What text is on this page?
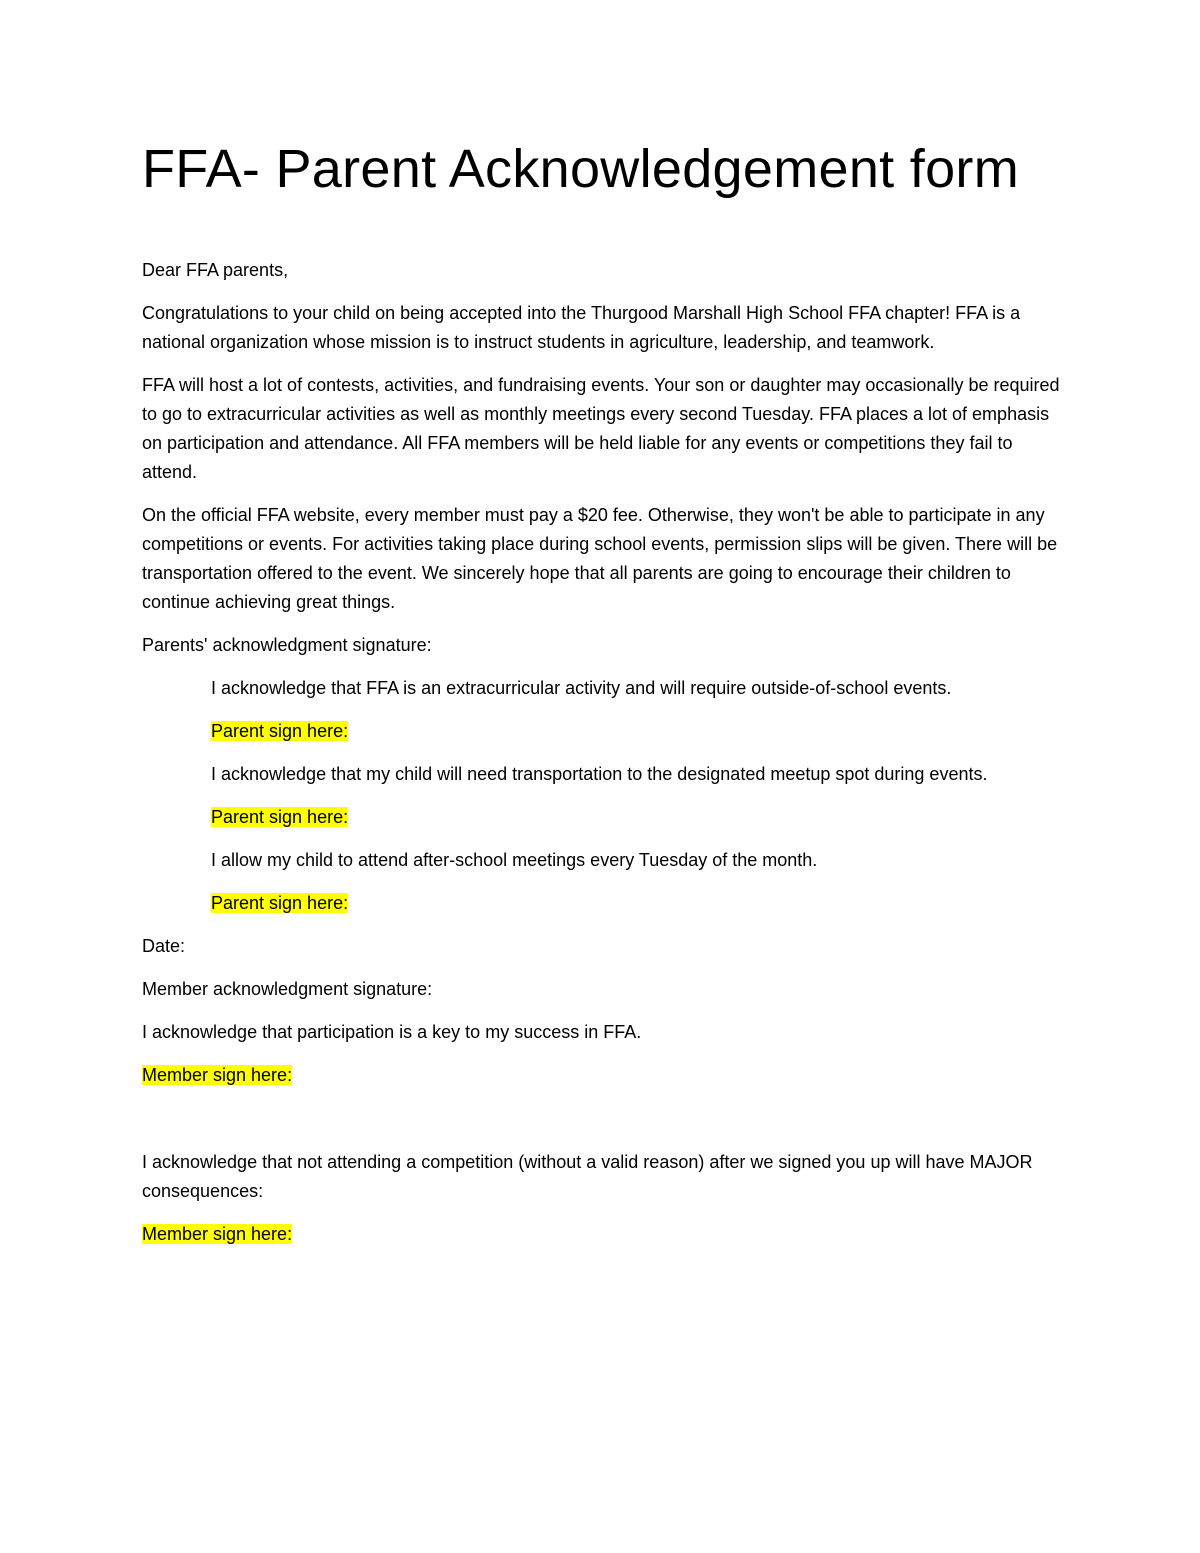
FFA- Parent Acknowledgement form

Dear FFA parents,

Congratulations to your child on being accepted into the Thurgood Marshall High School FFA chapter! FFA is a national organization whose mission is to instruct students in agriculture, leadership, and teamwork.

FFA will host a lot of contests, activities, and fundraising events. Your son or daughter may occasionally be required to go to extracurricular activities as well as monthly meetings every second Tuesday. FFA places a lot of emphasis on participation and attendance. All FFA members will be held liable for any events or competitions they fail to attend.

On the official FFA website, every member must pay a $20 fee. Otherwise, they won't be able to participate in any competitions or events. For activities taking place during school events, permission slips will be given. There will be transportation offered to the event. We sincerely hope that all parents are going to encourage their children to continue achieving great things.

Parents' acknowledgment signature:

I acknowledge that FFA is an extracurricular activity and will require outside-of-school events.

Parent sign here:

I acknowledge that my child will need transportation to the designated meetup spot during events.

Parent sign here:

I allow my child to attend after-school meetings every Tuesday of the month.

Parent sign here:

Date:

Member acknowledgment signature:

I acknowledge that participation is a key to my success in FFA.

Member sign here:

I acknowledge that not attending a competition (without a valid reason) after we signed you up will have MAJOR consequences:

Member sign here:
